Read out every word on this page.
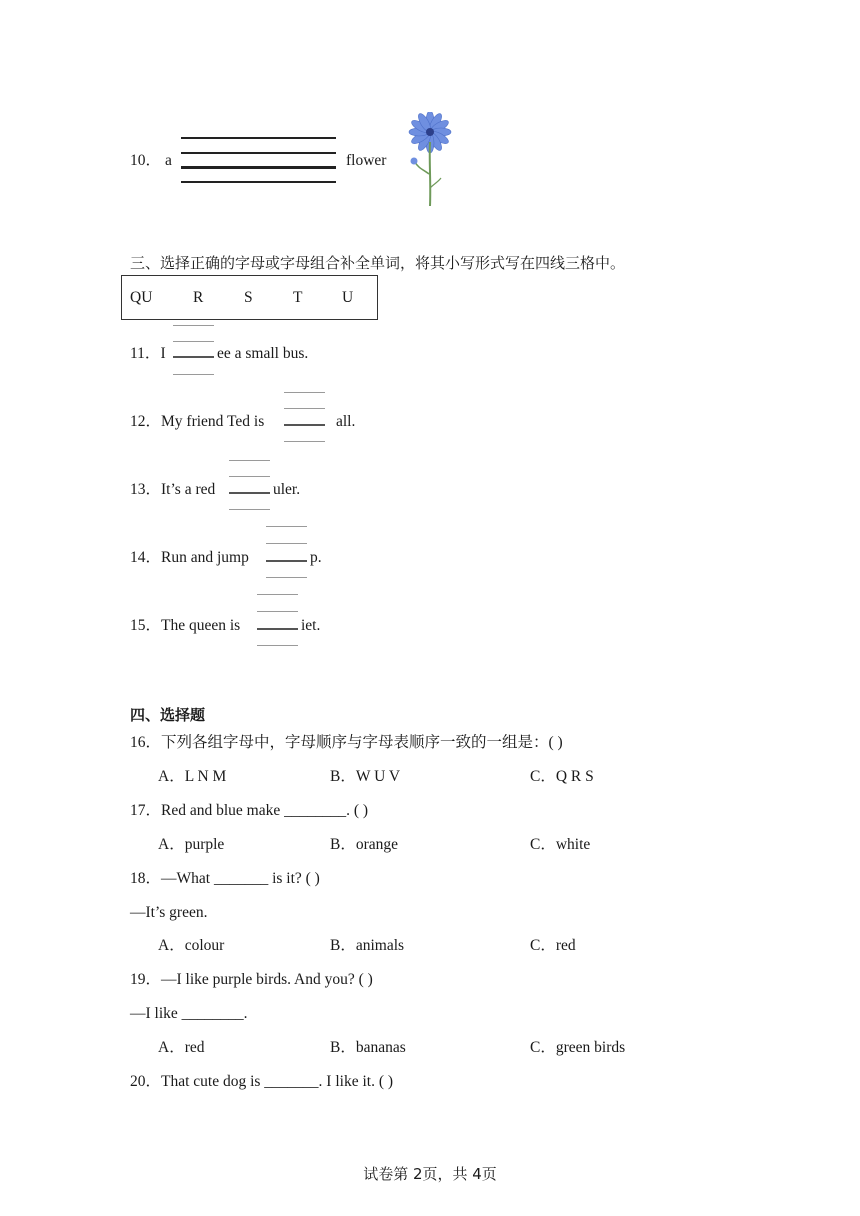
10． a	flower
三、选择正确的字母或字母组合补全单词，将其小写形式写在四线三格中。
QU	R	S	T	U
11．I	ee a small bus.
12．My friend Ted is	all.
13．It’s a red	uler.
14．Run and jump	p.
15．The queen is	iet.
四、选择题
16．下列各组字母中，字母顺序与字母表顺序一致的一组是：( )
A．L N M	B．W U V	C．Q R S
17．Red and blue make ________. ( )
A．purple	B．orange	C．white
18．—What _______ is it? ( )
—It’s green.
A．colour	B．animals	C．red
19．—I like purple birds. And you? ( )
—I like ________.
A．red	B．bananas	C．green birds
20．That cute dog is _______. I like it. ( )
试卷第 2页，共 4页
